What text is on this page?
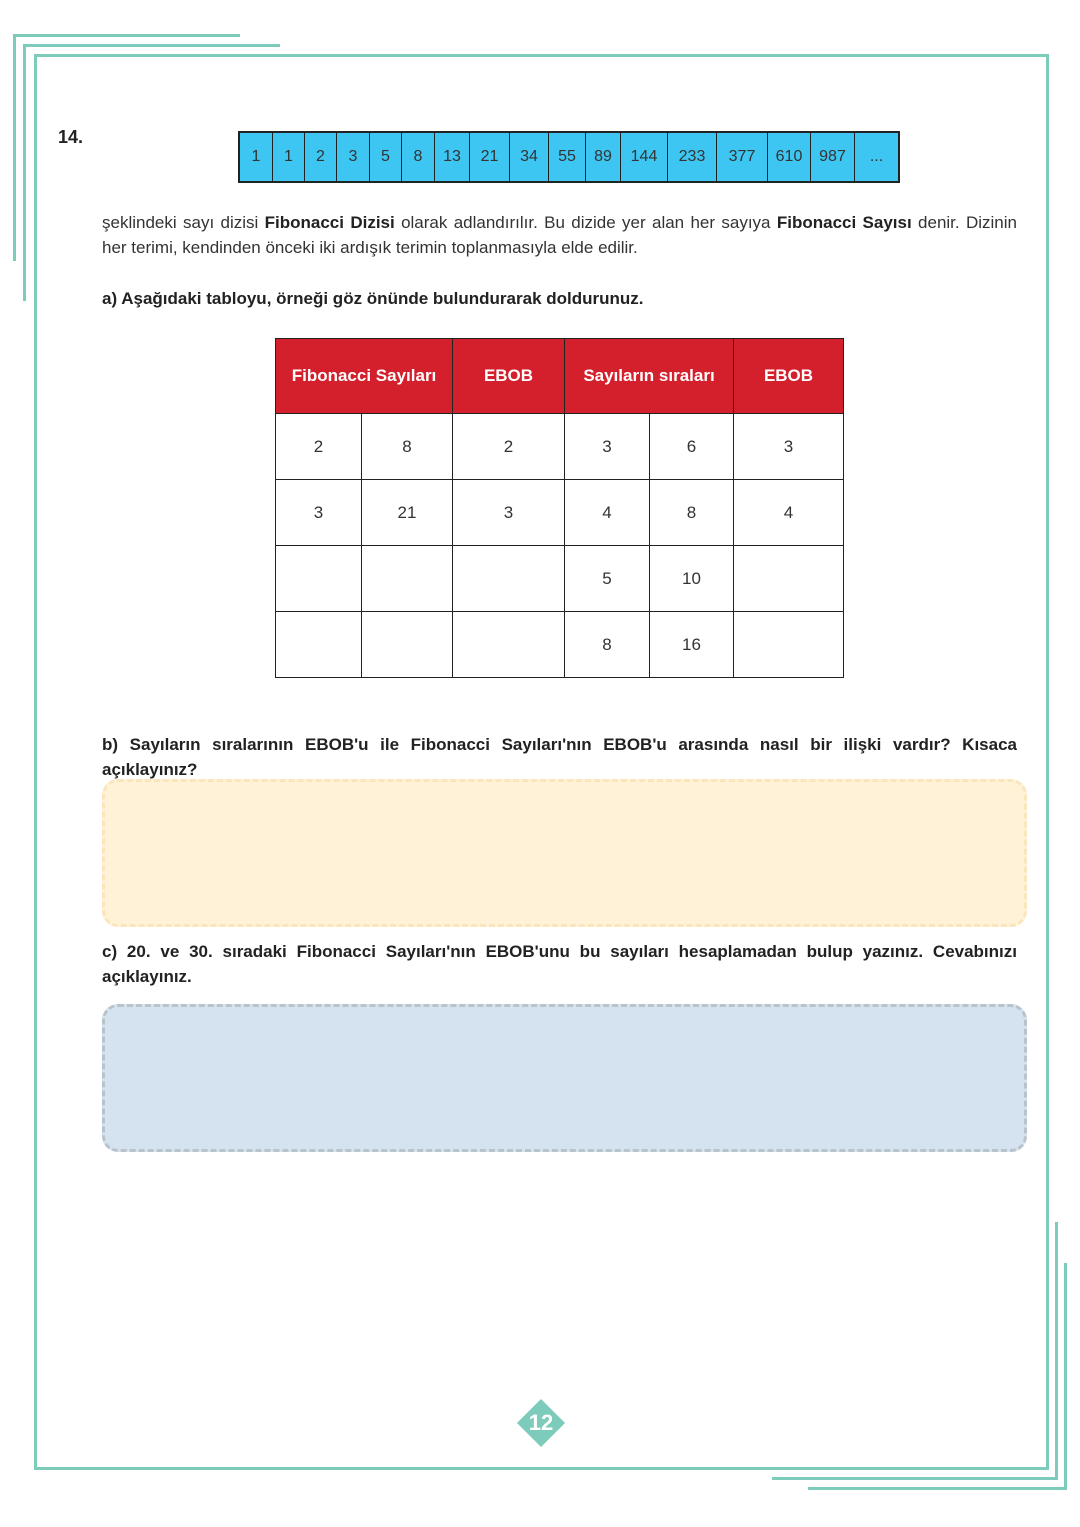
14.
1	1	2	3	5	8	13	21	34	55	89	144	233	377	610	987	...
şeklindeki sayı dizisi Fibonacci Dizisi olarak adlandırılır. Bu dizide yer alan her sayıya Fibonacci Sayısı denir. Dizinin her terimi, kendinden önceki iki ardışık terimin toplanmasıyla elde edilir.
a) Aşağıdaki tabloyu, örneği göz önünde bulundurarak doldurunuz.
Fibonacci Sayıları		EBOB	Sayıların sıraları		EBOB
2	8	2	3	6	3
3	21	3	4	8	4
			5	10	
			8	16	
b) Sayıların sıralarının EBOB'u ile Fibonacci Sayıları'nın EBOB'u arasında nasıl bir ilişki vardır? Kısaca açıklayınız?
c) 20. ve 30. sıradaki Fibonacci Sayıları'nın EBOB'unu bu sayıları hesaplamadan bulup yazınız. Cevabınızı açıklayınız.
12
